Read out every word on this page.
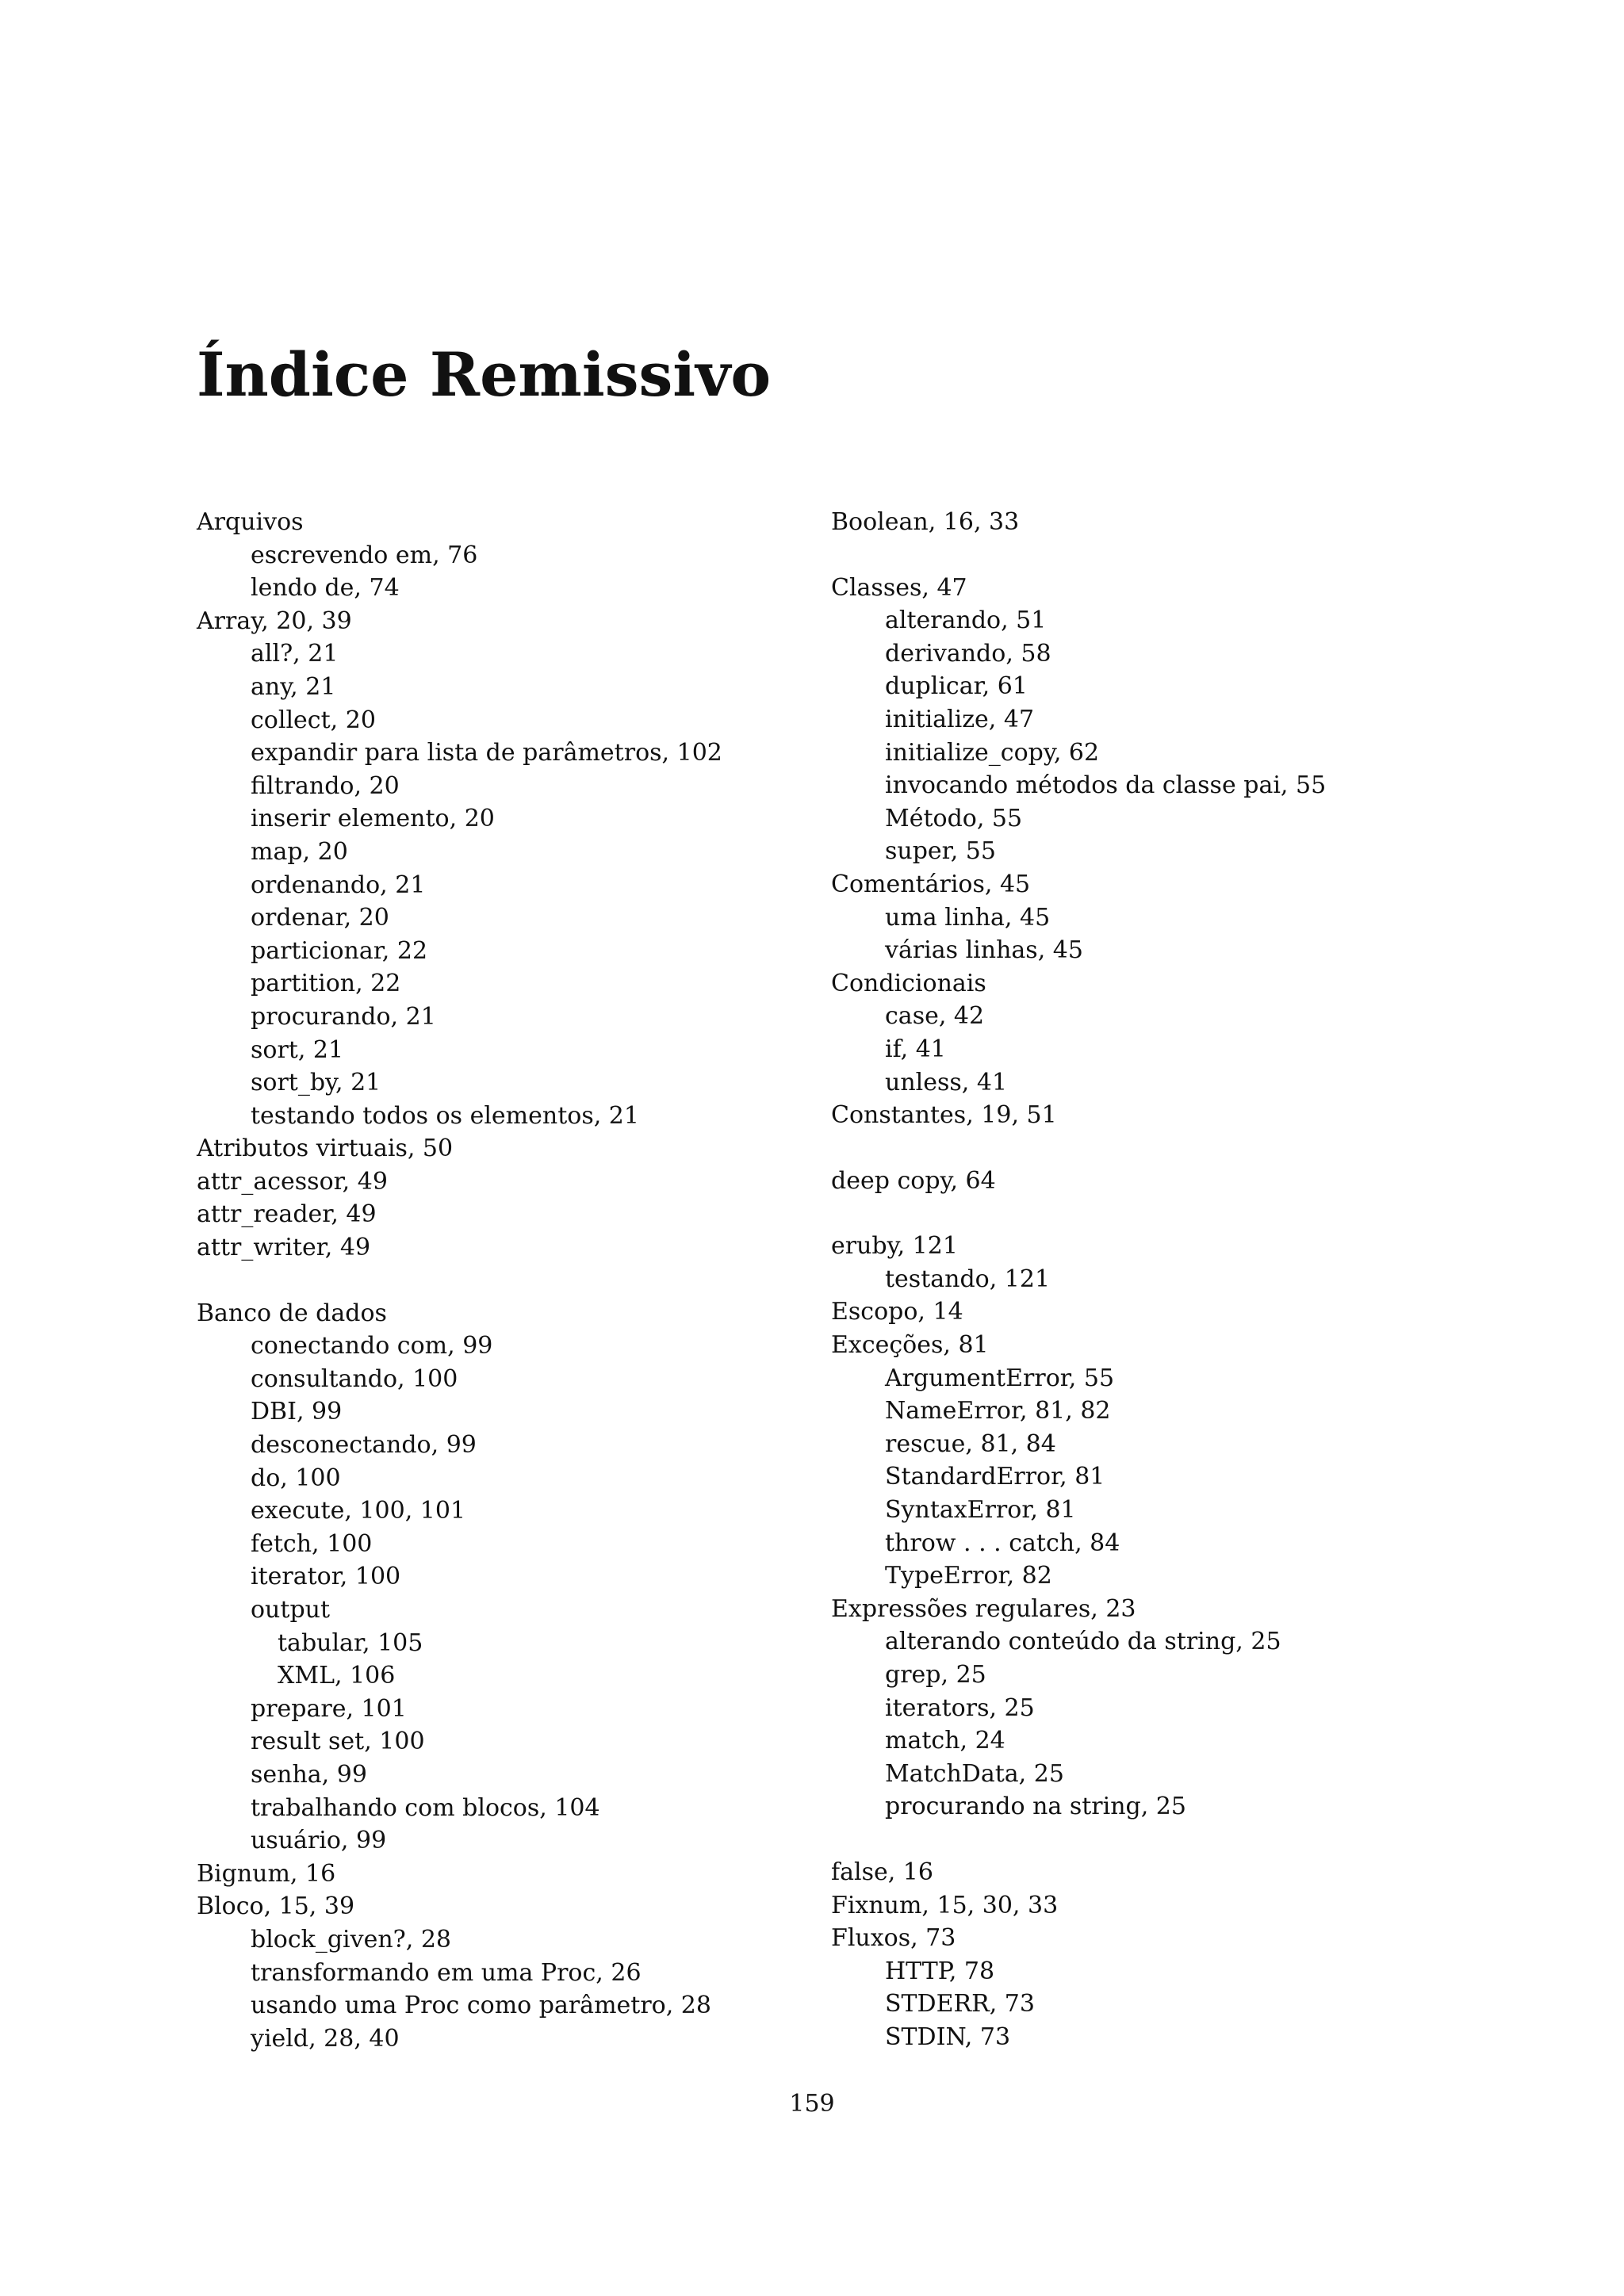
Índice Remissivo
Arquivos
escrevendo em, 76
lendo de, 74
Array, 20, 39
all?, 21
any, 21
collect, 20
expandir para lista de parâmetros, 102
filtrando, 20
inserir elemento, 20
map, 20
ordenando, 21
ordenar, 20
particionar, 22
partition, 22
procurando, 21
sort, 21
sort_by, 21
testando todos os elementos, 21
Atributos virtuais, 50
attr_acessor, 49
attr_reader, 49
attr_writer, 49
Banco de dados
conectando com, 99
consultando, 100
DBI, 99
desconectando, 99
do, 100
execute, 100, 101
fetch, 100
iterator, 100
output
tabular, 105
XML, 106
prepare, 101
result set, 100
senha, 99
trabalhando com blocos, 104
usuário, 99
Bignum, 16
Bloco, 15, 39
block_given?, 28
transformando em uma Proc, 26
usando uma Proc como parâmetro, 28
yield, 28, 40
Boolean, 16, 33
Classes, 47
alterando, 51
derivando, 58
duplicar, 61
initialize, 47
initialize_copy, 62
invocando métodos da classe pai, 55
Método, 55
super, 55
Comentários, 45
uma linha, 45
várias linhas, 45
Condicionais
case, 42
if, 41
unless, 41
Constantes, 19, 51
deep copy, 64
eruby, 121
testando, 121
Escopo, 14
Exceções, 81
ArgumentError, 55
NameError, 81, 82
rescue, 81, 84
StandardError, 81
SyntaxError, 81
throw . . . catch, 84
TypeError, 82
Expressões regulares, 23
alterando conteúdo da string, 25
grep, 25
iterators, 25
match, 24
MatchData, 25
procurando na string, 25
false, 16
Fixnum, 15, 30, 33
Fluxos, 73
HTTP, 78
STDERR, 73
STDIN, 73
159
